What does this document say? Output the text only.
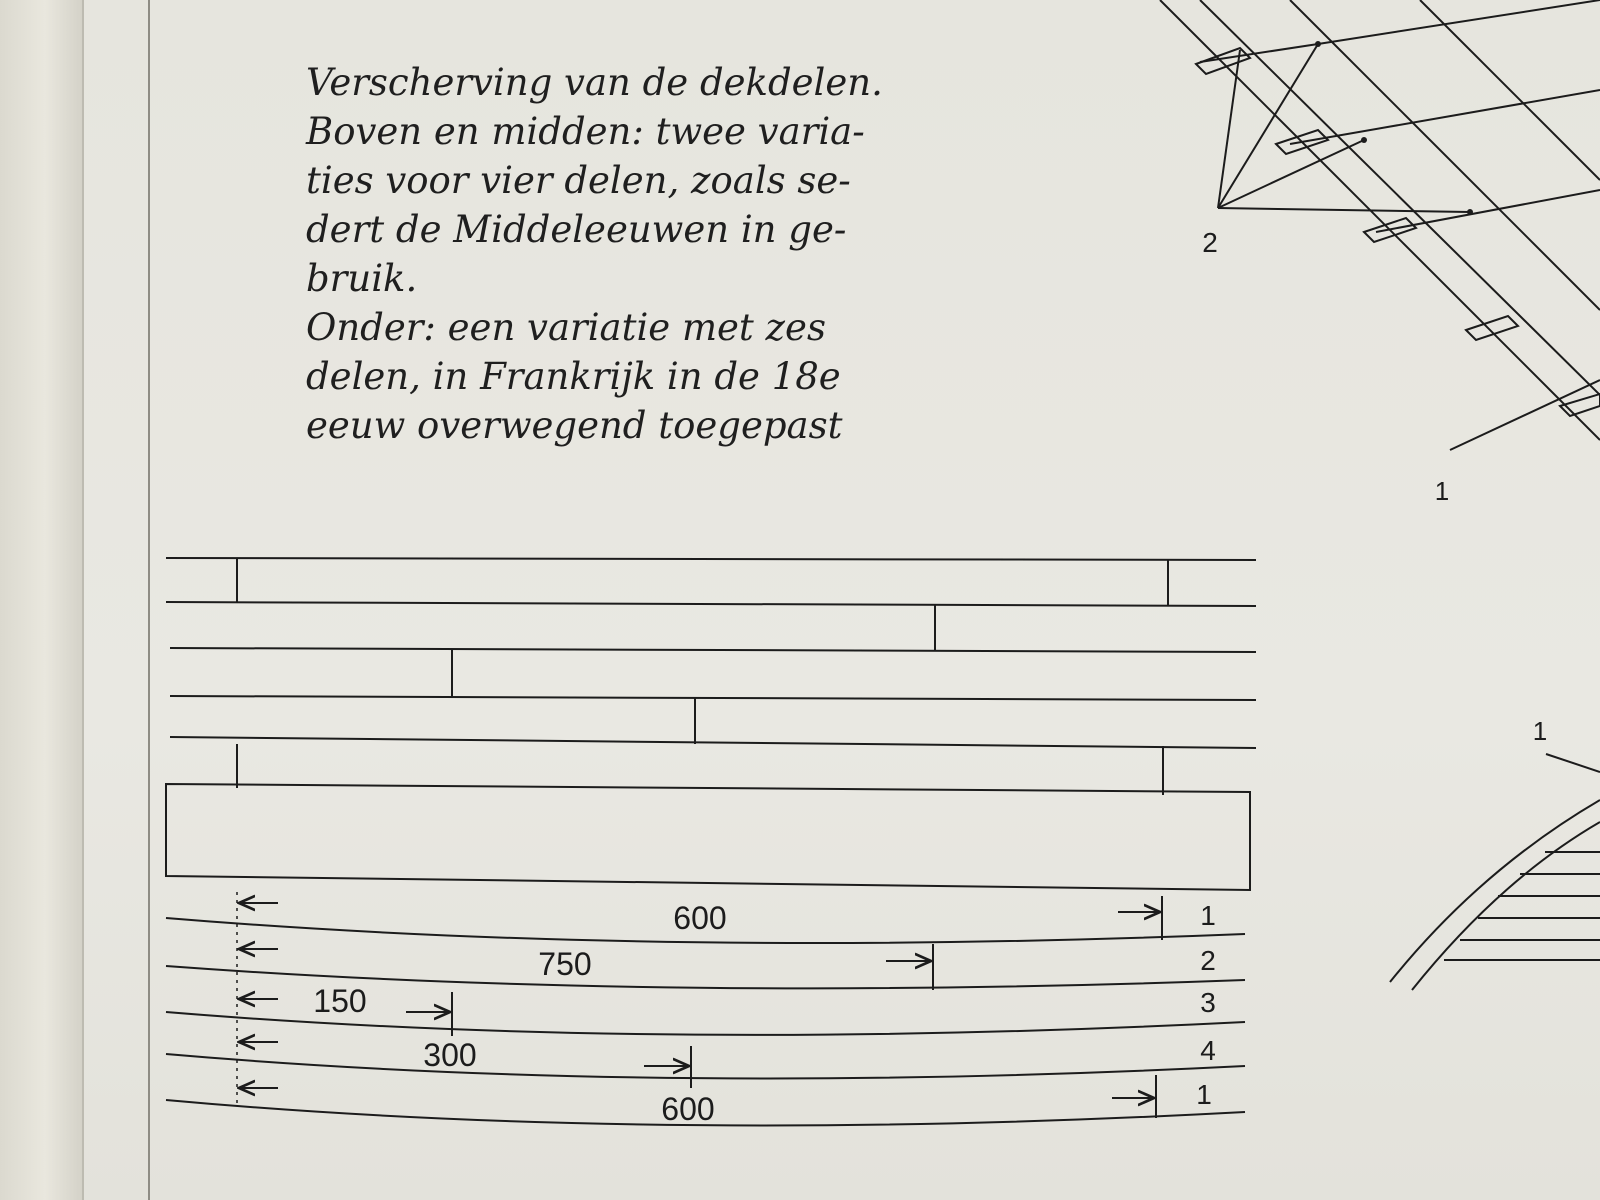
Verscherving van de dekdelen.
Boven en midden: twee varia-
ties voor vier delen, zoals se-
dert de Middeleeuwen in ge-
bruik.
Onder: een variatie met zes
delen, in Frankrijk in de 18e
eeuw overwegend toegepast
600
750
150
300
600
1
2
3
4
1
2
1
1
